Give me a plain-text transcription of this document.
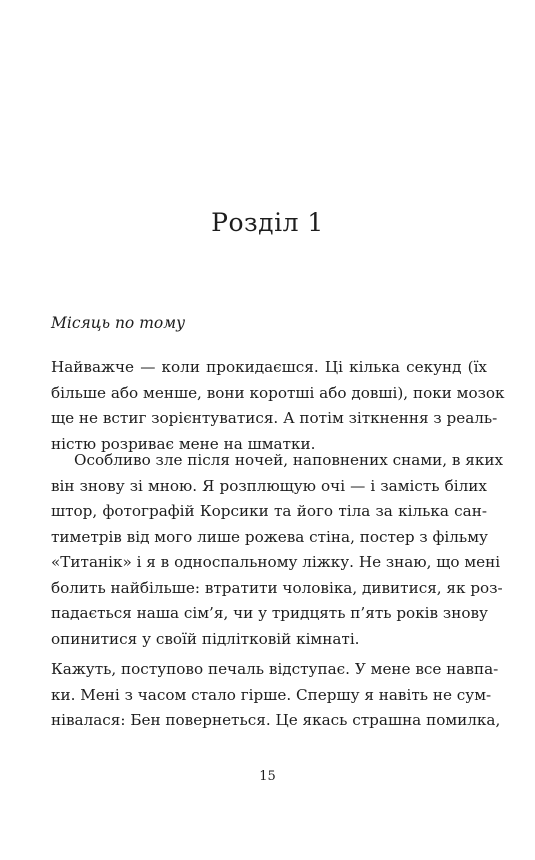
Розділ 1

Місяць по тому

Найважче — коли прокидаєшся. Ці кілька секунд (їх
більше або менше, вони коротші або довші), поки мозок
ще не встиг зорієнтуватися. А потім зіткнення з реаль-
ністю розриває мене на шматки.
Особливо зле після ночей, наповнених снами, в яких
він знову зі мною. Я розплющую очі — і замість білих
штор, фотографій Корсики та його тіла за кілька сан-
тиметрів від мого лише рожева стіна, постер з фільму
«Титанік» і я в односпальному ліжку. Не знаю, що мені
болить найбільше: втратити чоловіка, дивитися, як роз-
падається наша сім’я, чи у тридцять п’ять років знову
опинитися у своїй підлітковій кімнаті.
Кажуть, поступово печаль відступає. У мене все навпа-
ки. Мені з часом стало гірше. Спершу я навіть не сум-
нівалася: Бен повернеться. Це якась страшна помилка,

15
